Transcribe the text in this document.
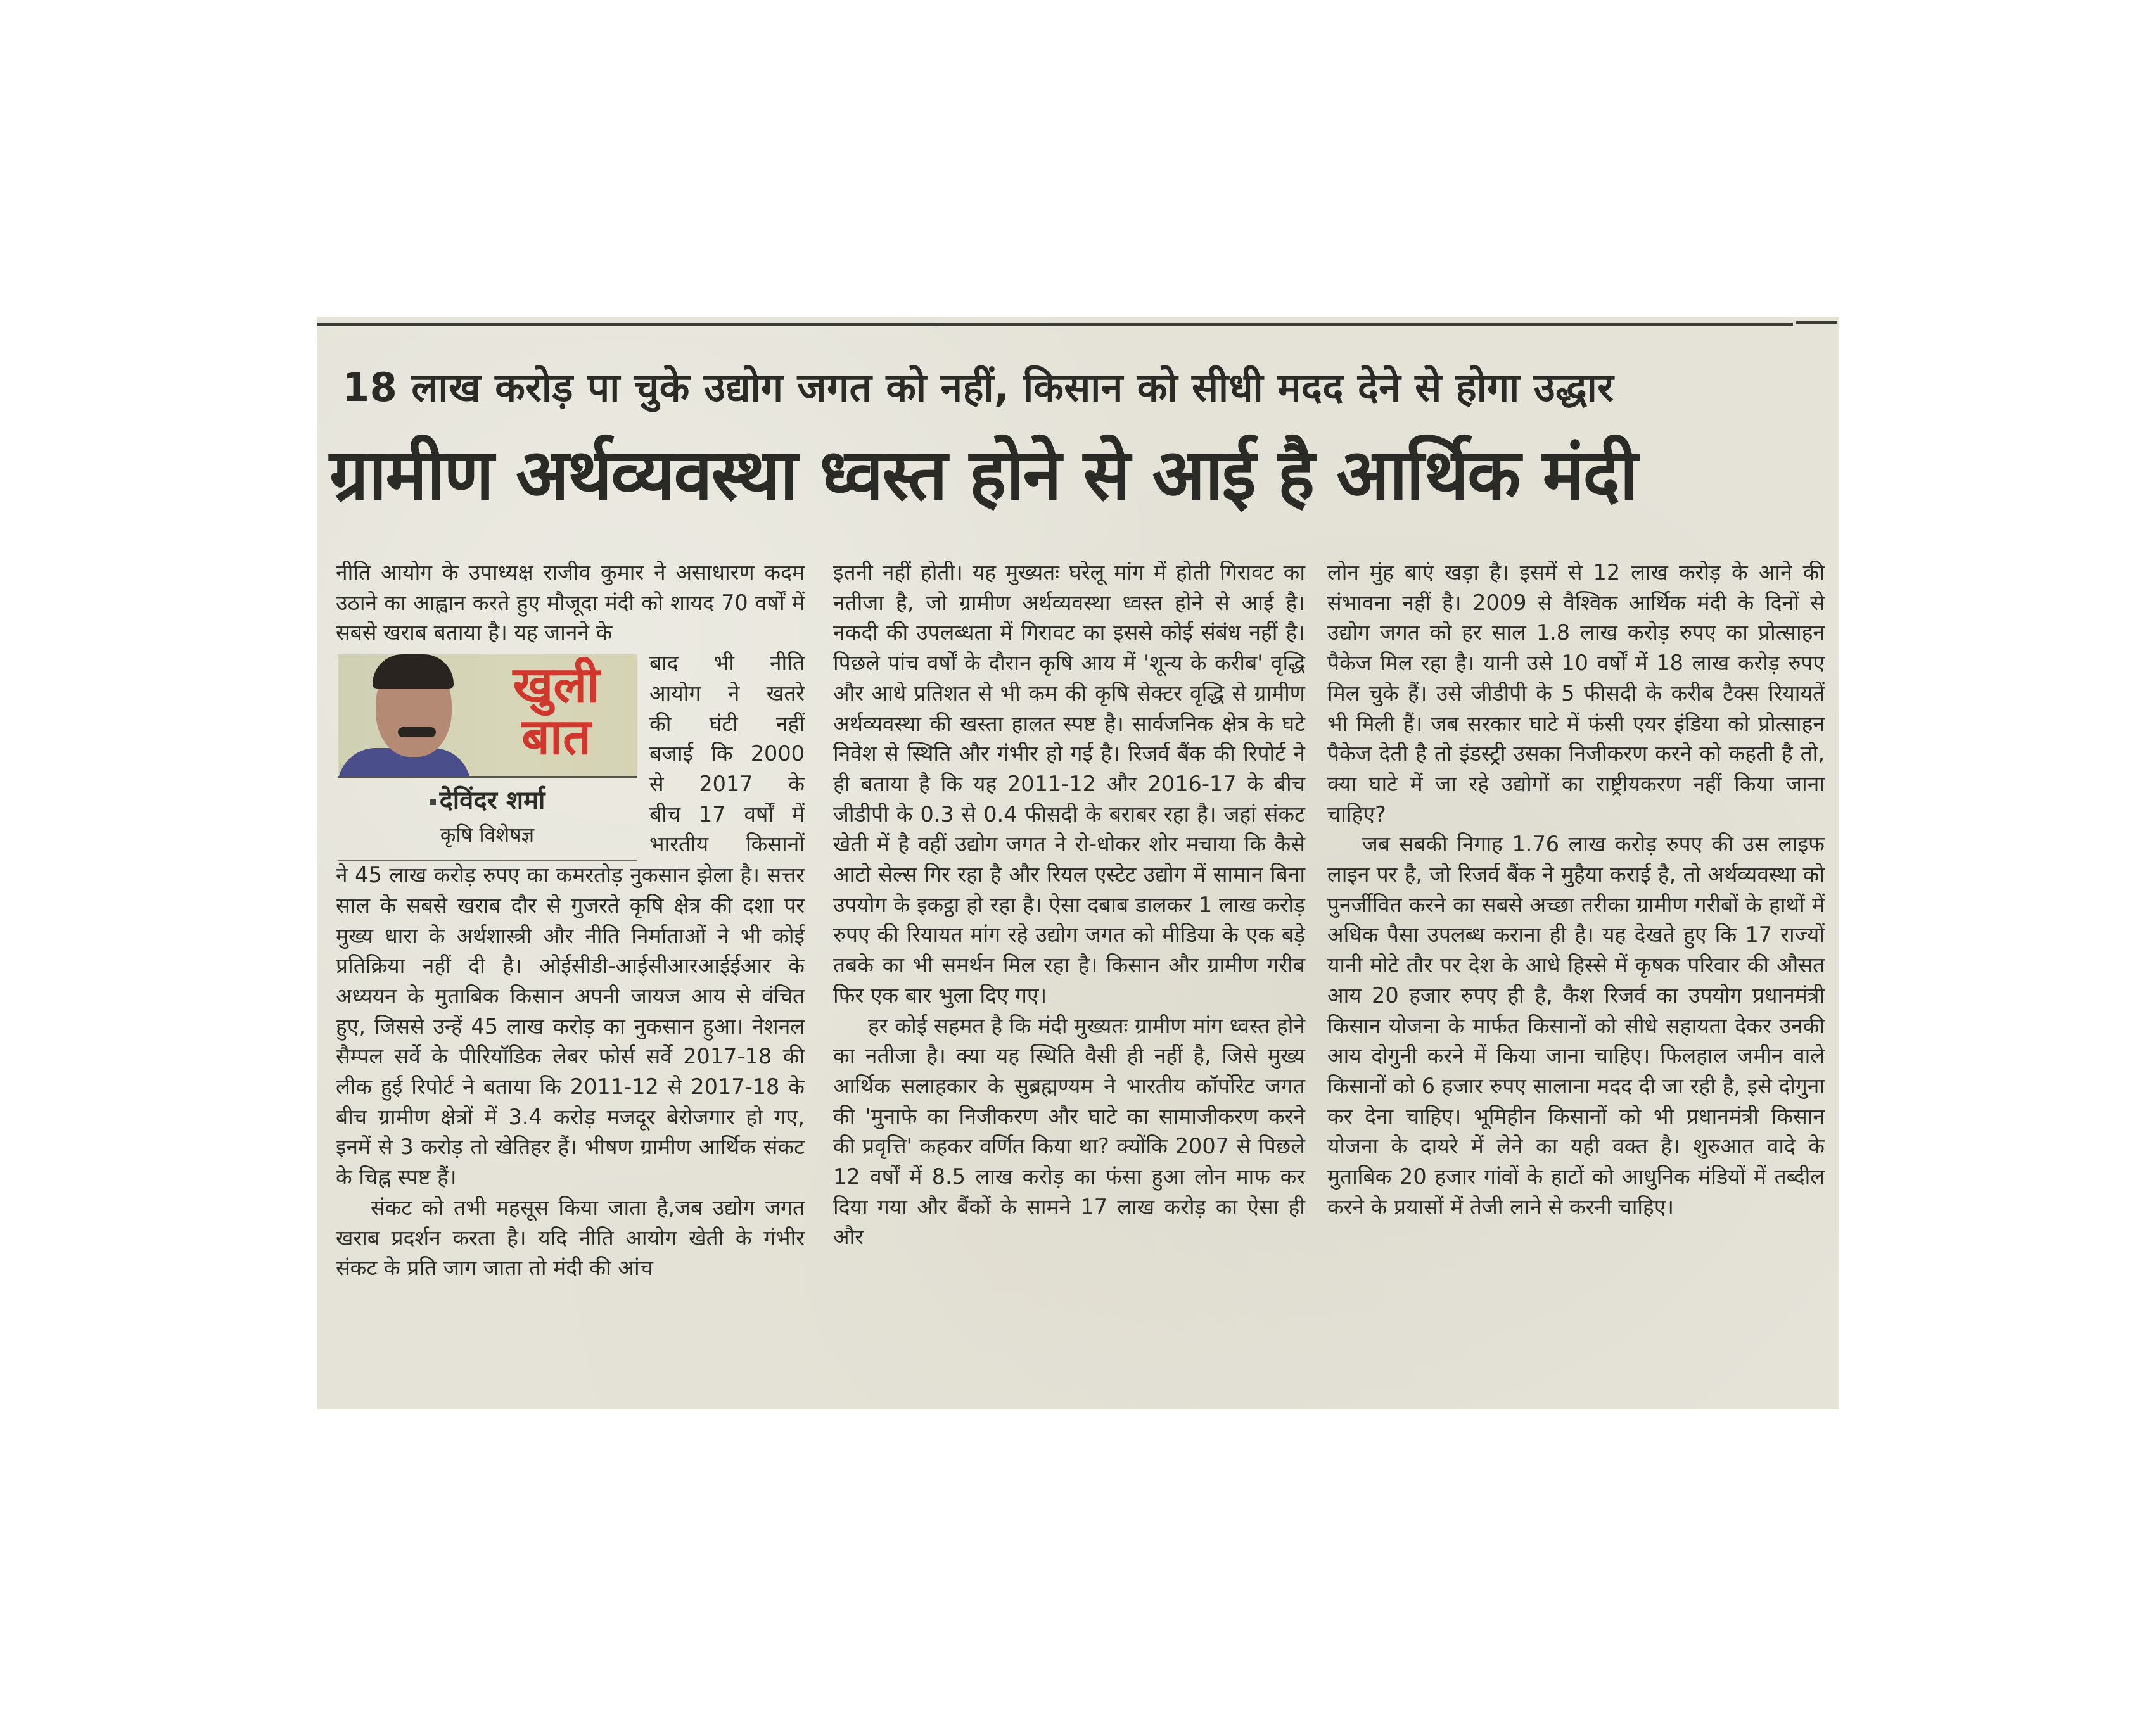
18 लाख करोड़ पा चुके उद्योग जगत को नहीं, किसान को सीधी मदद देने से होगा उद्धार
ग्रामीण अर्थव्यवस्था ध्वस्त होने से आई है आर्थिक मंदी

नीति आयोग के उपाध्यक्ष राजीव कुमार ने असाधारण कदम उठाने का आह्वान करते हुए मौजूदा मंदी को शायद 70 वर्षों में सबसे खराब बताया है। यह जानने के

खुली
बात
देविंदर शर्मा
कृषि विशेषज्ञ
बाद भी नीति
आयोग ने खतरे
की घंटी नहीं
बजाई कि 2000
से 2017 के
बीच 17 वर्षों में
भारतीय किसानों

ने 45 लाख करोड़ रुपए का कमरतोड़ नुकसान झेला है। सत्तर साल के सबसे खराब दौर से गुजरते कृषि क्षेत्र की दशा पर मुख्य धारा के अर्थशास्त्री और नीति निर्माताओं ने भी कोई प्रतिक्रिया नहीं दी है। ओईसीडी-आईसीआरआईईआर के अध्ययन के मुताबिक किसान अपनी जायज आय से वंचित हुए, जिससे उन्हें 45 लाख करोड़ का नुकसान हुआ। नेशनल सैम्पल सर्वे के पीरियॉडिक लेबर फोर्स सर्वे 2017-18 की लीक हुई रिपोर्ट ने बताया कि 2011-12 से 2017-18 के बीच ग्रामीण क्षेत्रों में 3.4 करोड़ मजदूर बेरोजगार हो गए, इनमें से 3 करोड़ तो खेतिहर हैं। भीषण ग्रामीण आर्थिक संकट के चिह्न स्पष्ट हैं।

संकट को तभी महसूस किया जाता है,जब उद्योग जगत खराब प्रदर्शन करता है। यदि नीति आयोग खेती के गंभीर संकट के प्रति जाग जाता तो मंदी की आंच

इतनी नहीं होती। यह मुख्यतः घरेलू मांग में होती गिरावट का नतीजा है, जो ग्रामीण अर्थव्यवस्था ध्वस्त होने से आई है। नकदी की उपलब्धता में गिरावट का इससे कोई संबंध नहीं है। पिछले पांच वर्षों के दौरान कृषि आय में 'शून्य के करीब' वृद्धि और आधे प्रतिशत से भी कम की कृषि सेक्टर वृद्धि से ग्रामीण अर्थव्यवस्था की खस्ता हालत स्पष्ट है। सार्वजनिक क्षेत्र के घटे निवेश से स्थिति और गंभीर हो गई है। रिजर्व बैंक की रिपोर्ट ने ही बताया है कि यह 2011-12 और 2016-17 के बीच जीडीपी के 0.3 से 0.4 फीसदी के बराबर रहा है। जहां संकट खेती में है वहीं उद्योग जगत ने रो-धोकर शोर मचाया कि कैसे आटो सेल्स गिर रहा है और रियल एस्टेट उद्योग में सामान बिना उपयोग के इकट्ठा हो रहा है। ऐसा दबाब डालकर 1 लाख करोड़ रुपए की रियायत मांग रहे उद्योग जगत को मीडिया के एक बड़े तबके का भी समर्थन मिल रहा है। किसान और ग्रामीण गरीब फिर एक बार भुला दिए गए।

हर कोई सहमत है कि मंदी मुख्यतः ग्रामीण मांग ध्वस्त होने का नतीजा है। क्या यह स्थिति वैसी ही नहीं है, जिसे मुख्य आर्थिक सलाहकार के सुब्रह्मण्यम ने भारतीय कॉर्पोरेट जगत की 'मुनाफे का निजीकरण और घाटे का सामाजीकरण करने की प्रवृत्ति' कहकर वर्णित किया था? क्योंकि 2007 से पिछले 12 वर्षों में 8.5 लाख करोड़ का फंसा हुआ लोन माफ कर दिया गया और बैंकों के सामने 17 लाख करोड़ का ऐसा ही और

लोन मुंह बाएं खड़ा है। इसमें से 12 लाख करोड़ के आने की संभावना नहीं है। 2009 से वैश्विक आर्थिक मंदी के दिनों से उद्योग जगत को हर साल 1.8 लाख करोड़ रुपए का प्रोत्साहन पैकेज मिल रहा है। यानी उसे 10 वर्षों में 18 लाख करोड़ रुपए मिल चुके हैं। उसे जीडीपी के 5 फीसदी के करीब टैक्स रियायतें भी मिली हैं। जब सरकार घाटे में फंसी एयर इंडिया को प्रोत्साहन पैकेज देती है तो इंडस्ट्री उसका निजीकरण करने को कहती है तो, क्या घाटे में जा रहे उद्योगों का राष्ट्रीयकरण नहीं किया जाना चाहिए?

जब सबकी निगाह 1.76 लाख करोड़ रुपए की उस लाइफ लाइन पर है, जो रिजर्व बैंक ने मुहैया कराई है, तो अर्थव्यवस्था को पुनर्जीवित करने का सबसे अच्छा तरीका ग्रामीण गरीबों के हाथों में अधिक पैसा उपलब्ध कराना ही है। यह देखते हुए कि 17 राज्यों यानी मोटे तौर पर देश के आधे हिस्से में कृषक परिवार की औसत आय 20 हजार रुपए ही है, कैश रिजर्व का उपयोग प्रधानमंत्री किसान योजना के मार्फत किसानों को सीधे सहायता देकर उनकी आय दोगुनी करने में किया जाना चाहिए। फिलहाल जमीन वाले किसानों को 6 हजार रुपए सालाना मदद दी जा रही है, इसे दोगुना कर देना चाहिए। भूमिहीन किसानों को भी प्रधानमंत्री किसान योजना के दायरे में लेने का यही वक्त है। शुरुआत वादे के मुताबिक 20 हजार गांवों के हाटों को आधुनिक मंडियों में तब्दील करने के प्रयासों में तेजी लाने से करनी चाहिए।
